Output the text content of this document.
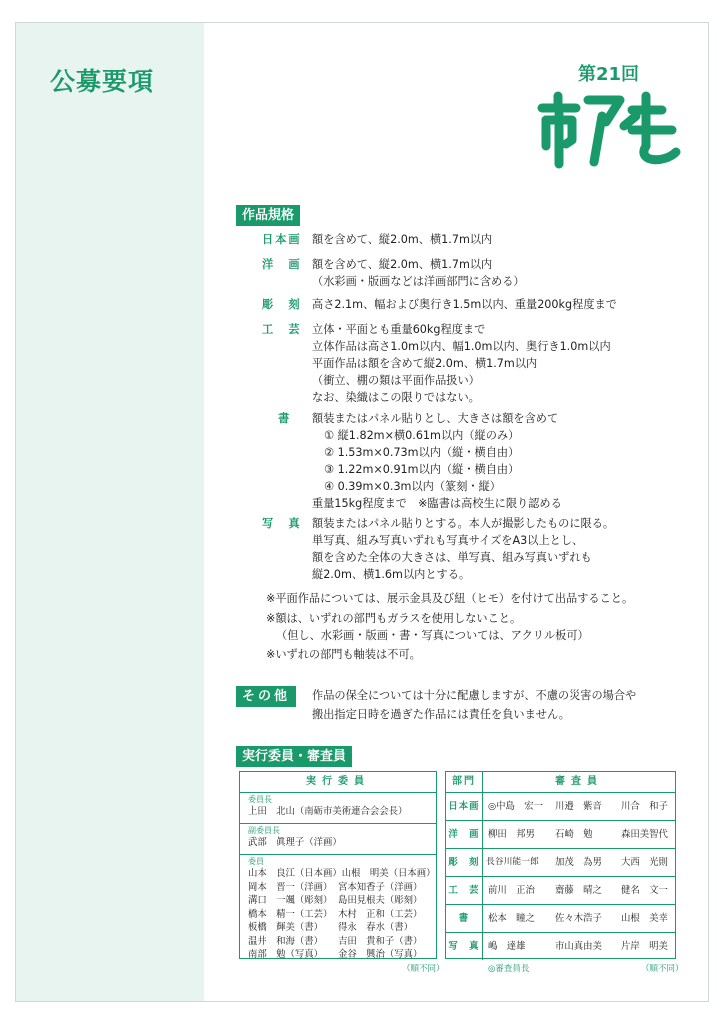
公募要項	第21回
作品規格
日本画 額を含めて、縦2.0m、横1.7m以内
洋　画 額を含めて、縦2.0m、横1.7m以内
（水彩画・版画などは洋画部門に含める）
彫　刻 高さ2.1m、幅および奥行き1.5m以内、重量200kg程度まで
工　芸 立体・平面とも重量60kg程度まで
立体作品は高さ1.0m以内、幅1.0m以内、奥行き1.0m以内
平面作品は額を含めて縦2.0m、横1.7m以内
（衝立、棚の類は平面作品扱い）
なお、染織はこの限りではない。
書	額装またはパネル貼りとし、大きさは額を含めて
① 縦1.82m×横0.61m以内（縦のみ）
② 1.53m×0.73m以内（縦・横自由）
③ 1.22m×0.91m以内（縦・横自由）
④ 0.39m×0.3m以内（篆刻・縦）
重量15kg程度まで　※臨書は高校生に限り認める
写　真 額装またはパネル貼りとする。本人が撮影したものに限る。
単写真、組み写真いずれも写真サイズをA3以上とし、
額を含めた全体の大きさは、単写真、組み写真いずれも
縦2.0m、横1.6m以内とする。
※平面作品については、展示金具及び紐（ヒモ）を付けて出品すること。
※額は、いずれの部門もガラスを使用しないこと。
（但し、水彩画・版画・書・写真については、アクリル板可）
※いずれの部門も軸装は不可。
その他	作品の保全については十分に配慮しますが、不慮の災害の場合や
搬出指定日時を過ぎた作品には責任を負いません。
実行委員・審査員
実行委員
委員長
上田　北山（南砺市美術連合会会長）
副委員長
武部　眞理子（洋画）
委員
山本　良江（日本画） 山根　明美（日本画）
岡本　晋一（洋画） 宮本知香子（洋画）
溝口　一颯（彫刻） 島田見根夫（彫刻）
橋本　精一（工芸） 木村　正和（工芸）
板橋　輝美（書）	得永　春水（書）
温井　和海（書）	吉田　貴和子（書）
南部　勉（写真）	金谷　興治（写真）
（順不同）
部門	審査員
日本画 ◎中島　宏一 川邉　紫音 川合　和子
洋　画 柳田　邦男 石崎　勉	森田美智代
彫　刻 長谷川能一郎 加茂　為男 大西　光則
工　芸 前川　正治 齋藤　晴之 健名　文一
書	松本　瞳之 佐々木浩子 山根　美幸
写　真 嶋　達雄	市山真由美 片岸　明美
◎審査員長	（順不同）
